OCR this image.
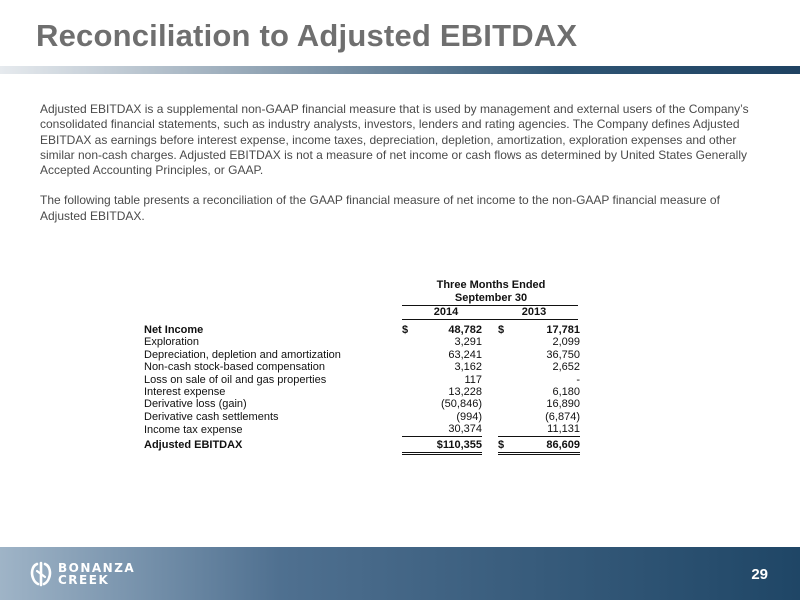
Reconciliation to Adjusted EBITDAX

Adjusted EBITDAX is a supplemental non-GAAP financial measure that is used by management and external users of the Company’s consolidated financial statements, such as industry analysts, investors, lenders and rating agencies. The Company defines Adjusted EBITDAX as earnings before interest expense, income taxes, depreciation, depletion, amortization, exploration expenses and other similar non-cash charges. Adjusted EBITDAX is not a measure of net income or cash flows as determined by United States Generally Accepted Accounting Principles, or GAAP.

The following table presents a reconciliation of the GAAP financial measure of net income to the non-GAAP financial measure of Adjusted EBITDAX.

Three Months Ended
September 30
2014	2013
Net Income	$ 48,782		$ 17,781
Exploration	3,291		2,099
Depreciation, depletion and amortization	63,241		36,750
Non-cash stock-based compensation	3,162		2,652
Loss on sale of oil and gas properties	117		-
Interest expense	13,228		6,180
Derivative loss (gain)	(50,846)		16,890
Derivative cash settlements	(994)		(6,874)
Income tax expense	30,374		11,131
Adjusted EBITDAX	$110,355		$ 86,609
BONANZA
CREEK	29
